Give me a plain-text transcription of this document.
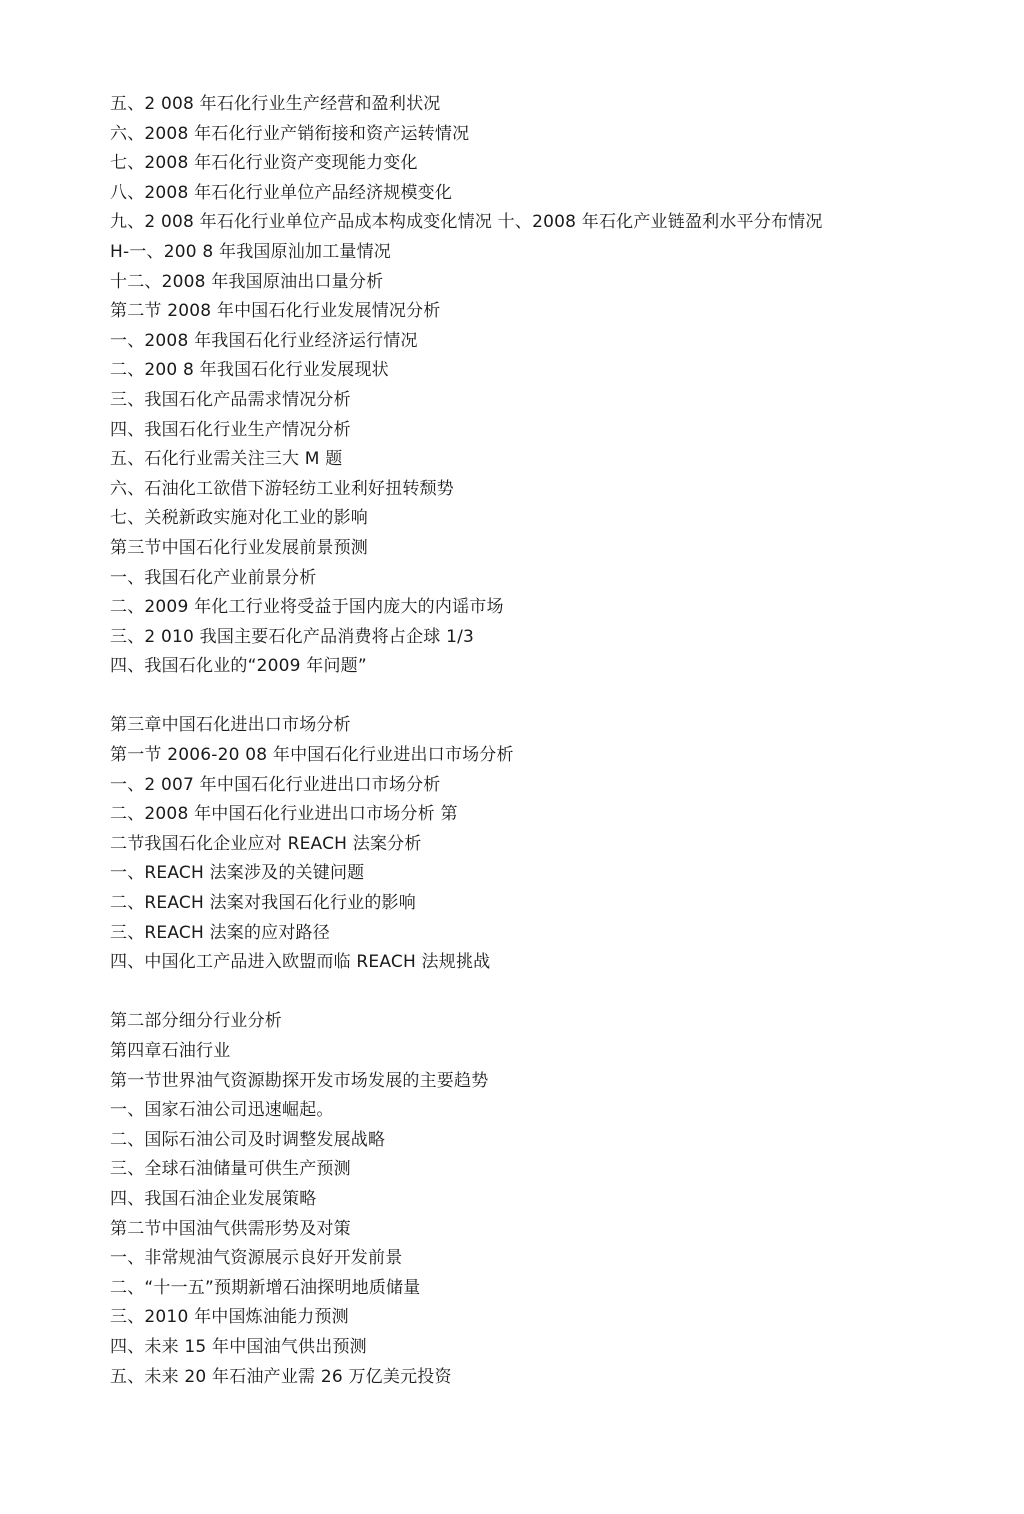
五、2 008 年石化行业生产经营和盈利状况
六、2008 年石化行业产销衔接和资产运转情况
七、2008 年石化行业资产变现能力变化
八、2008 年石化行业单位产品经济规模变化
九、2 008 年石化行业单位产品成本构成变化情况 十、2008 年石化产业链盈利水平分布情况
H-一、200 8 年我国原汕加工量情况
十二、2008 年我国原油出口量分析
第二节 2008 年中国石化行业发展情况分析
一、2008 年我国石化行业经济运行情况
二、200 8 年我国石化行业发展现状
三、我国石化产品需求情况分析
四、我国石化行业生产情况分析
五、石化行业需关注三大 M 题
六、石油化工欲借下游轻纺工业利好扭转颓势
七、关税新政实施对化工业的影响
第三节中国石化行业发展前景预测
一、我国石化产业前景分析
二、2009 年化工行业将受益于国内庞大的内谣市场
三、2 010 我国主要石化产品消费将占企球 1/3
四、我国石化业的“2009 年问题”
第三章中国石化进出口市场分析
第一节 2006-20 08 年中国石化行业进出口市场分析
一、2 007 年中国石化行业进出口市场分析
二、2008 年中国石化行业进出口市场分析 第
二节我国石化企业应对 REACH 法案分析
一、REACH 法案涉及的关键问题
二、REACH 法案对我国石化行业的影响
三、REACH 法案的应对路径
四、中国化工产品进入欧盟而临 REACH 法规挑战
第二部分细分行业分析
第四章石油行业
第一节世界油气资源勘探开发市场发展的主要趋势
一、国家石油公司迅速崛起。
二、国际石油公司及时调整发展战略
三、全球石油储量可供生产预测
四、我国石油企业发展策略
第二节中国油气供需形势及对策
一、非常规油气资源展示良好开发前景
二、“十一五”预期新增石油探明地质储量
三、2010 年中国炼油能力预测
四、未来 15 年中国油气供岀预测
五、未来 20 年石油产业需 26 万亿美元投资
